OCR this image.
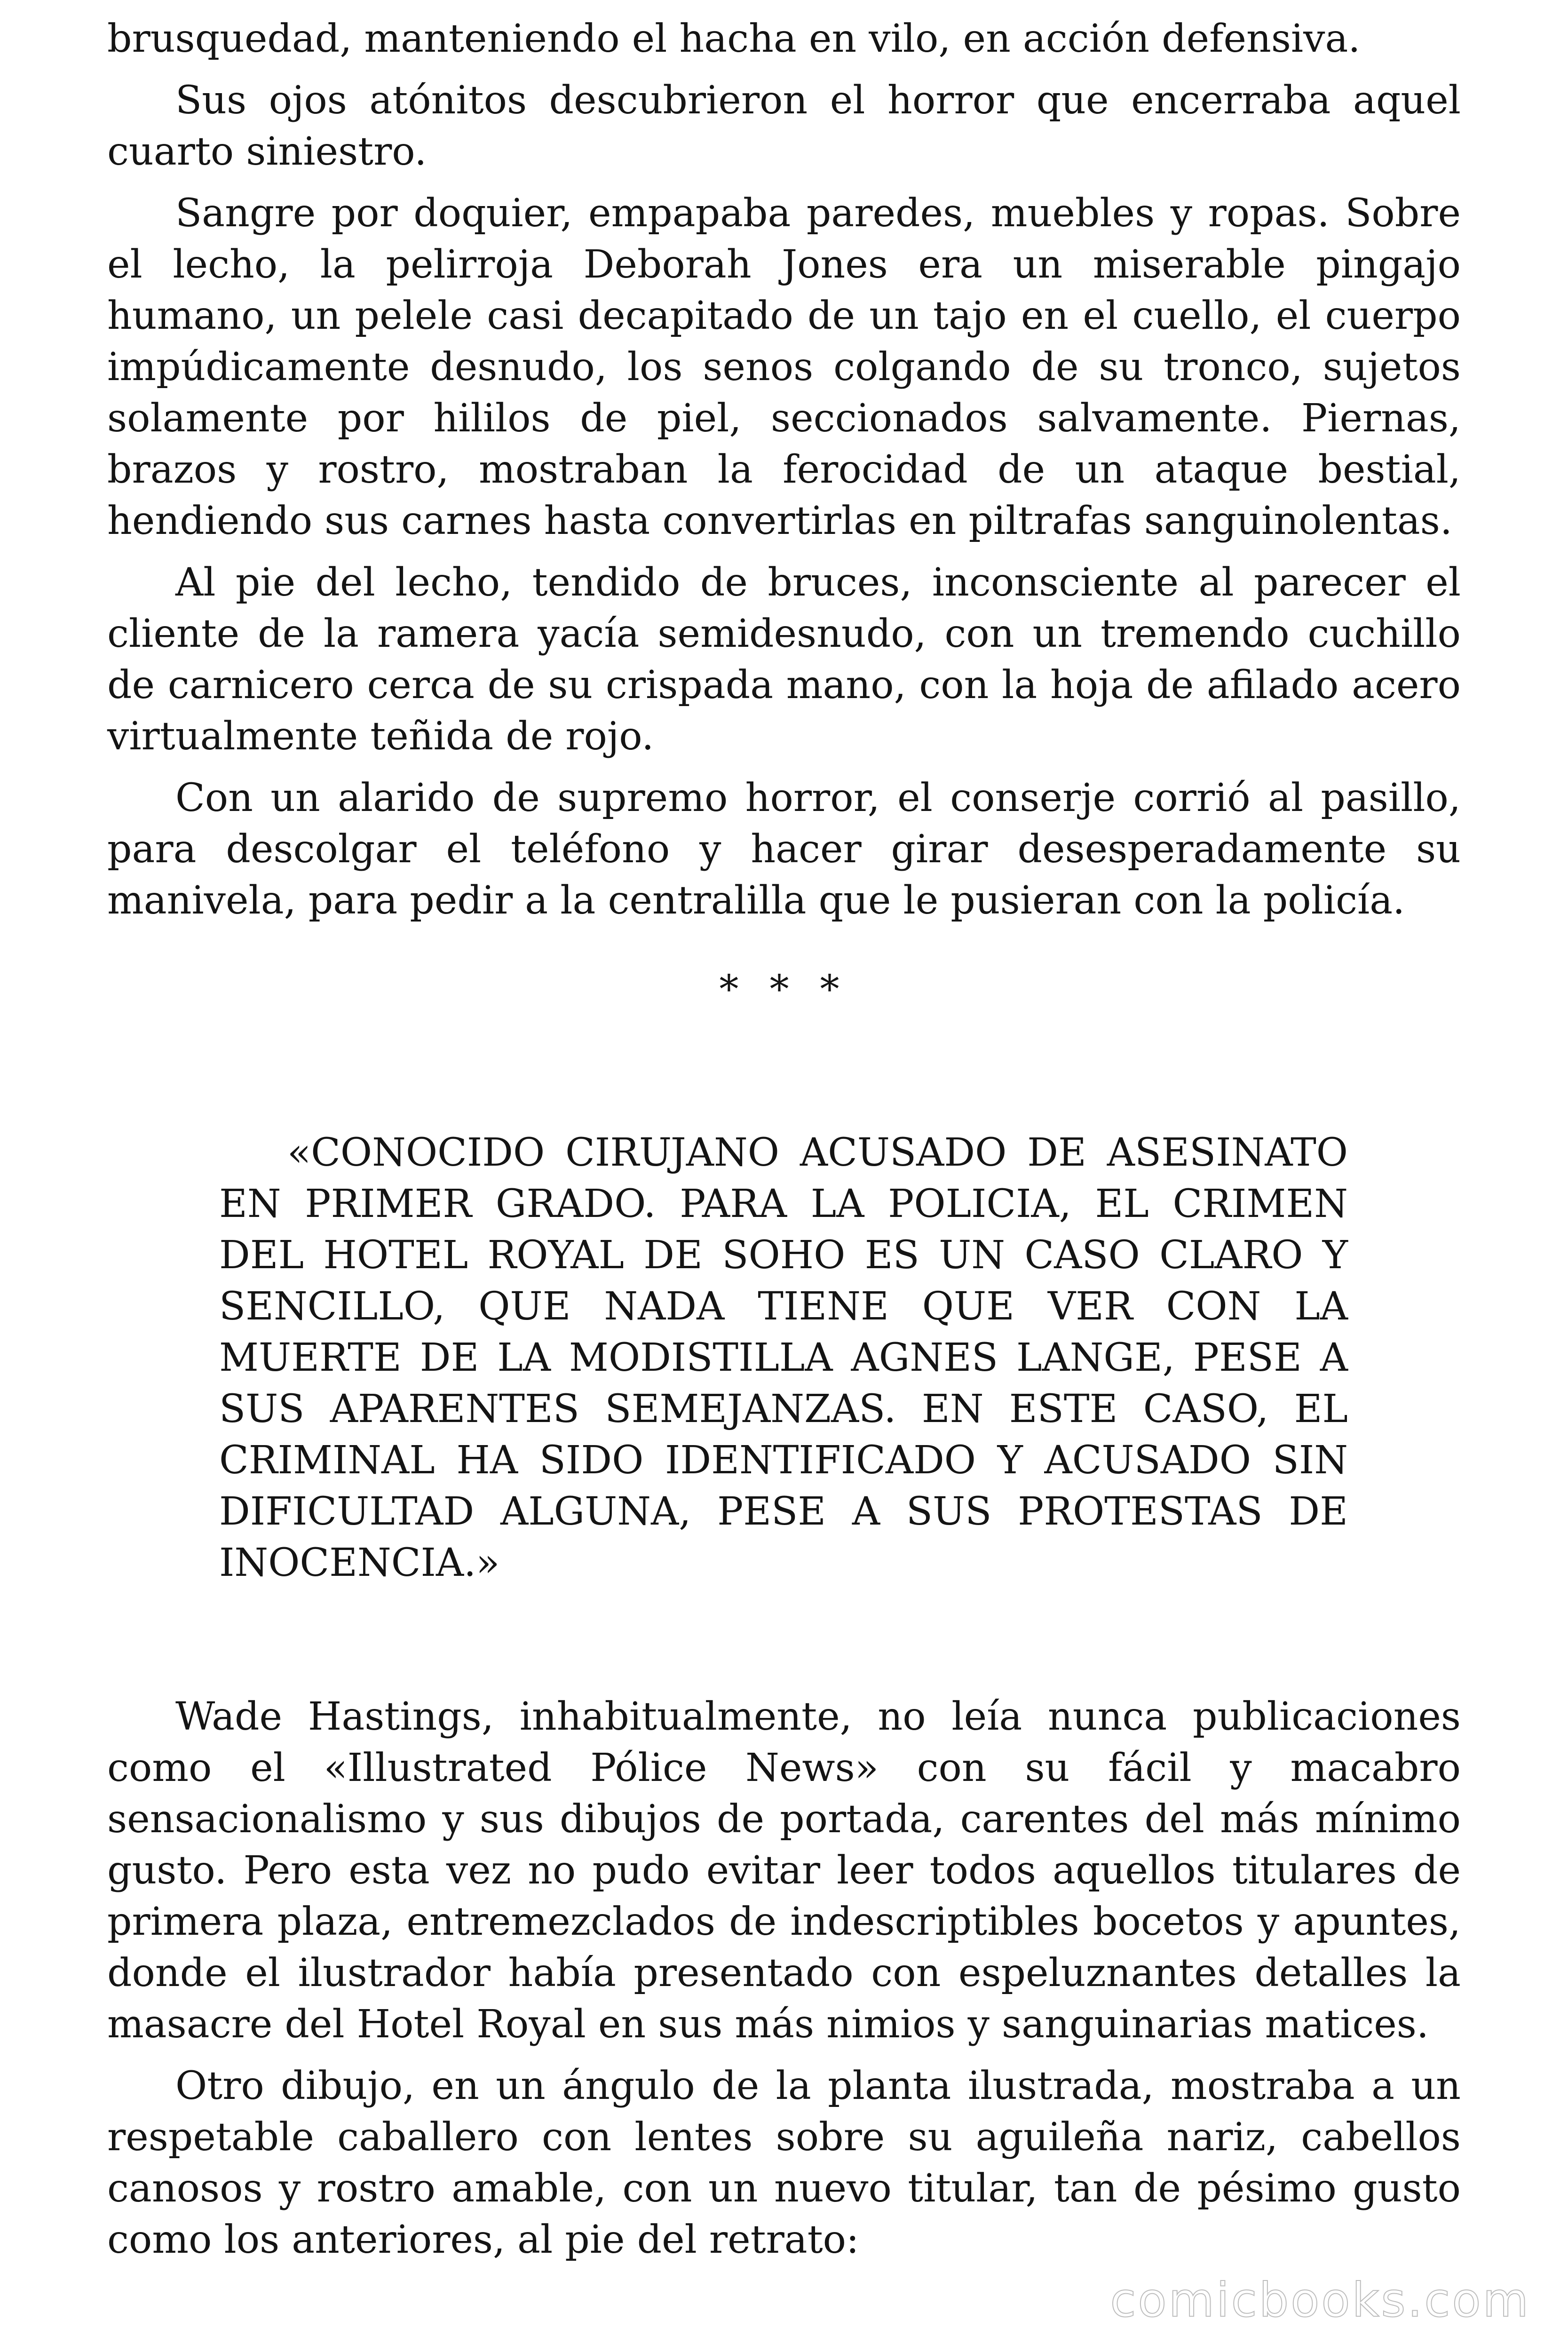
brusquedad, manteniendo el hacha en vilo, en acción defensiva.

Sus ojos atónitos descubrieron el horror que encerraba aquel cuarto siniestro.

Sangre por doquier, empapaba paredes, muebles y ropas. Sobre el lecho, la pelirroja Deborah Jones era un miserable pingajo humano, un pelele casi decapitado de un tajo en el cuello, el cuerpo impúdicamente desnudo, los senos colgando de su tronco, sujetos solamente por hililos de piel, seccionados salvamente. Piernas, brazos y rostro, mostraban la ferocidad de un ataque bestial, hendiendo sus carnes hasta convertirlas en piltrafas sanguinolentas.

Al pie del lecho, tendido de bruces, inconsciente al parecer el cliente de la ramera yacía semidesnudo, con un tremendo cuchillo de carnicero cerca de su crispada mano, con la hoja de afilado acero virtualmente teñida de rojo.

Con un alarido de supremo horror, el conserje corrió al pasillo, para descolgar el teléfono y hacer girar desesperadamente su manivela, para pedir a la centralilla que le pusieran con la policía.

* * *

«CONOCIDO CIRUJANO ACUSADO DE ASESINATO EN PRIMER GRADO. PARA LA POLICIA, EL CRIMEN DEL HOTEL ROYAL DE SOHO ES UN CASO CLARO Y SENCILLO, QUE NADA TIENE QUE VER CON LA MUERTE DE LA MODISTILLA AGNES LANGE, PESE A SUS APARENTES SEMEJANZAS. EN ESTE CASO, EL CRIMINAL HA SIDO IDENTIFICADO Y ACUSADO SIN DIFICULTAD ALGUNA, PESE A SUS PROTESTAS DE INOCENCIA.»

Wade Hastings, inhabitualmente, no leía nunca publicaciones como el «Illustrated Pólice News» con su fácil y macabro sensacionalismo y sus dibujos de portada, carentes del más mínimo gusto. Pero esta vez no pudo evitar leer todos aquellos titulares de primera plaza, entremezclados de indescriptibles bocetos y apuntes, donde el ilustrador había presentado con espeluznantes detalles la masacre del Hotel Royal en sus más nimios y sanguinarias matices.

Otro dibujo, en un ángulo de la planta ilustrada, mostraba a un respetable caballero con lentes sobre su aguileña nariz, cabellos canosos y rostro amable, con un nuevo titular, tan de pésimo gusto como los anteriores, al pie del retrato:

comicbooks.com
